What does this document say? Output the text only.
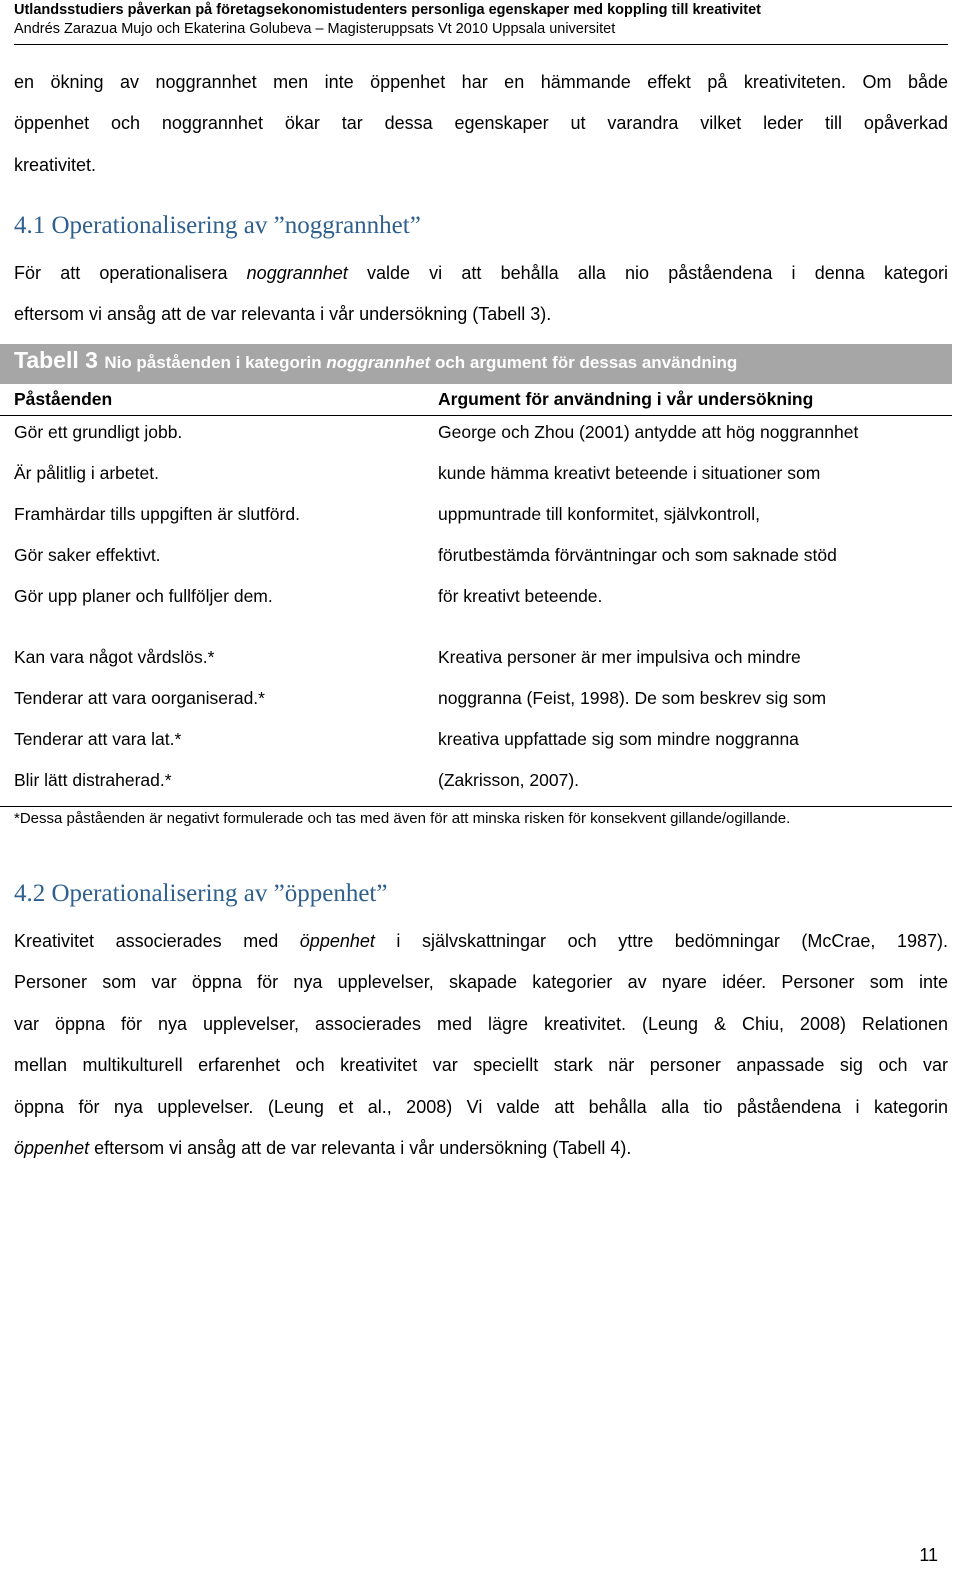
Utlandsstudiers påverkan på företagsekonomistudenters personliga egenskaper med koppling till kreativitet
Andrés Zarazua Mujo och Ekaterina Golubeva – Magisteruppsats Vt 2010 Uppsala universitet
en ökning av noggrannhet men inte öppenhet har en hämmande effekt på kreativiteten. Om både
öppenhet och noggrannhet ökar tar dessa egenskaper ut varandra vilket leder till opåverkad
kreativitet.
4.1 Operationalisering av ”noggrannhet”
För att operationalisera noggrannhet valde vi att behålla alla nio påståendena i denna kategori
eftersom vi ansåg att de var relevanta i vår undersökning (Tabell 3).
Tabell 3 Nio påståenden i kategorin noggrannhet och argument för dessas användning
Påståenden	Argument för användning i vår undersökning
Gör ett grundligt jobb.
Är pålitlig i arbetet.
Framhärdar tills uppgiften är slutförd.
Gör saker effektivt.
Gör upp planer och fullföljer dem.
George och Zhou (2001) antydde att hög noggrannhet
kunde hämma kreativt beteende i situationer som
uppmuntrade till konformitet, självkontroll,
förutbestämda förväntningar och som saknade stöd
för kreativt beteende.
Kan vara något vårdslös.*
Tenderar att vara oorganiserad.*
Tenderar att vara lat.*
Blir lätt distraherad.*
Kreativa personer är mer impulsiva och mindre
noggranna (Feist, 1998). De som beskrev sig som
kreativa uppfattade sig som mindre noggranna
(Zakrisson, 2007).
*Dessa påståenden är negativt formulerade och tas med även för att minska risken för konsekvent gillande/ogillande.
4.2 Operationalisering av ”öppenhet”
Kreativitet associerades med öppenhet i självskattningar och yttre bedömningar (McCrae, 1987).
Personer som var öppna för nya upplevelser, skapade kategorier av nyare idéer. Personer som inte
var öppna för nya upplevelser, associerades med lägre kreativitet. (Leung & Chiu, 2008) Relationen
mellan multikulturell erfarenhet och kreativitet var speciellt stark när personer anpassade sig och var
öppna för nya upplevelser. (Leung et al., 2008) Vi valde att behålla alla tio påståendena i kategorin
öppenhet eftersom vi ansåg att de var relevanta i vår undersökning (Tabell 4).
11
